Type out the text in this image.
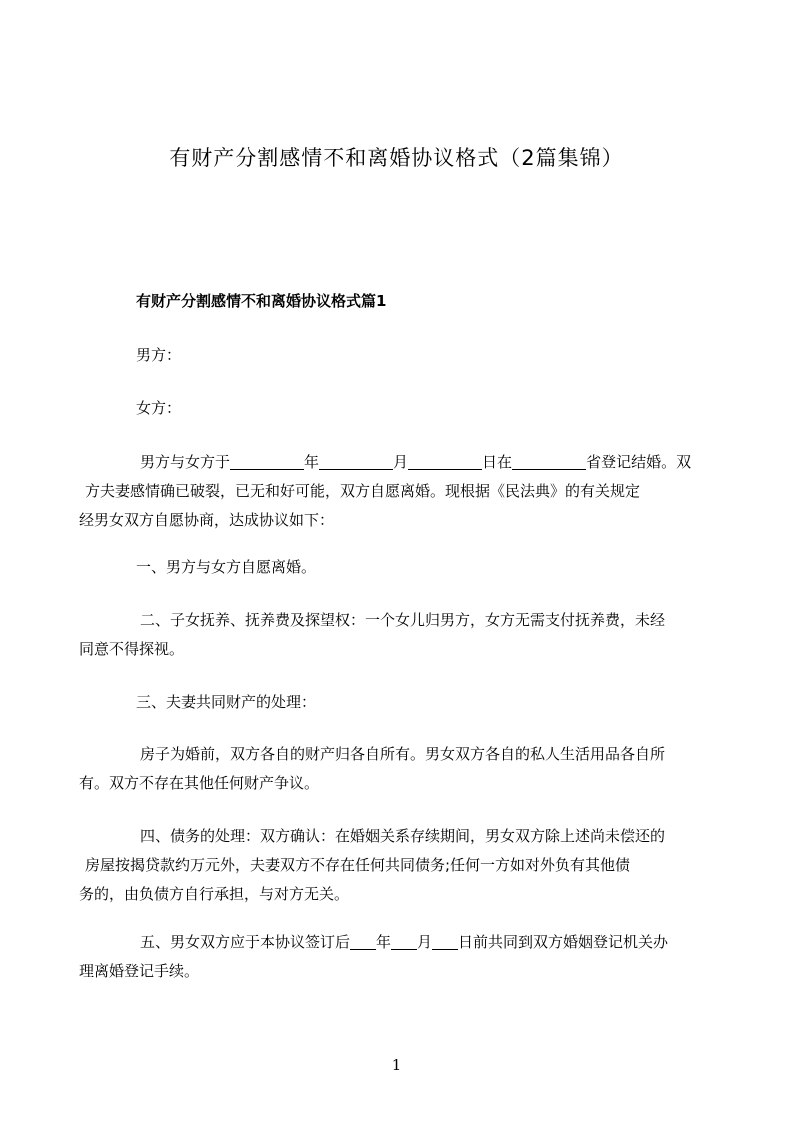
有财产分割感情不和离婚协议格式（2篇集锦）
有财产分割感情不和离婚协议格式篇1
男方：
女方：
男方与女方于	年	月	日在	省登记结婚。双
方夫妻感情确已破裂，已无和好可能，双方自愿离婚。现根据《民法典》的有关规定
经男女双方自愿协商，达成协议如下：
一、男方与女方自愿离婚。
二、子女抚养、抚养费及探望权：一个女儿归男方，女方无需支付抚养费，未经
同意不得探视。
三、夫妻共同财产的处理：
房子为婚前，双方各自的财产归各自所有。男女双方各自的私人生活用品各自所
有。双方不存在其他任何财产争议。
四、债务的处理：双方确认：在婚姻关系存续期间，男女双方除上述尚未偿还的
房屋按揭贷款约万元外，夫妻双方不存在任何共同债务;任何一方如对外负有其他债
务的，由负债方自行承担，与对方无关。
五、男女双方应于本协议签订后 年 月 日前共同到双方婚姻登记机关办
理离婚登记手续。
1
